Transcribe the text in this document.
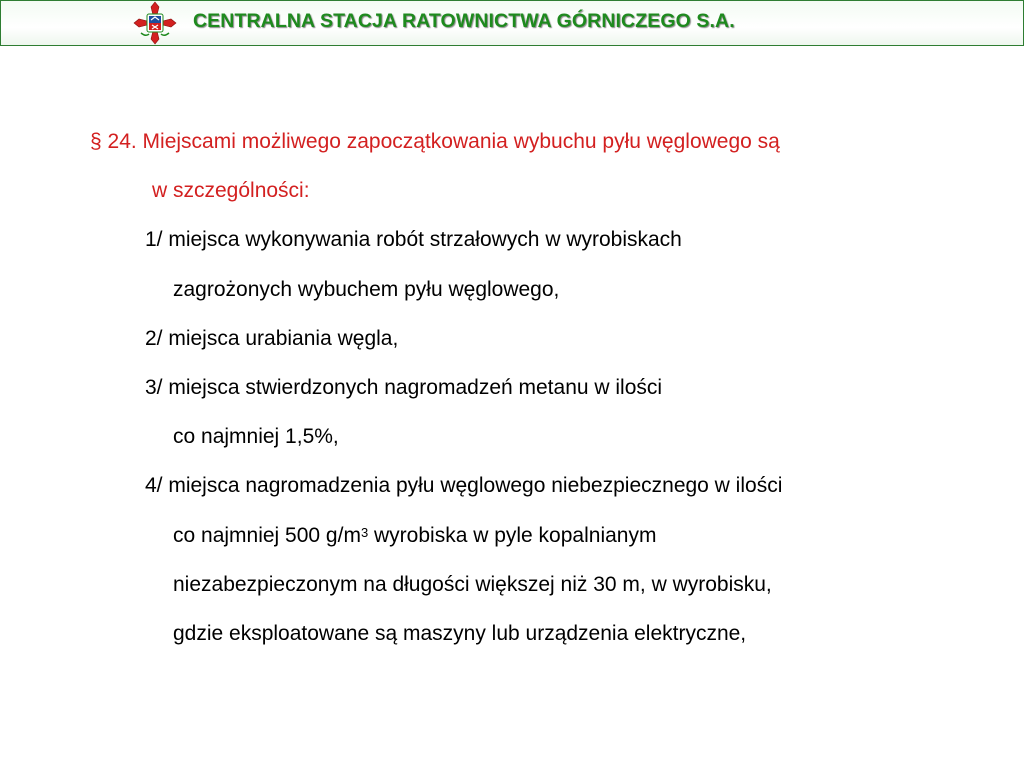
CENTRALNA STACJA RATOWNICTWA GÓRNICZEGO S.A.
§ 24. Miejscami możliwego zapoczątkowania wybuchu pyłu węglowego są
w szczególności:
1/ miejsca wykonywania robót strzałowych w wyrobiskach
zagrożonych wybuchem pyłu węglowego,
2/ miejsca urabiania węgla,
3/ miejsca stwierdzonych nagromadzeń metanu w ilości
co najmniej 1,5%,
4/ miejsca nagromadzenia pyłu węglowego niebezpiecznego w ilości
co najmniej 500 $g/m^3$ wyrobiska w pyle kopalnianym
niezabezpieczonym na długości większej niż 30 m, w wyrobisku,
gdzie eksploatowane są maszyny lub urządzenia elektryczne,
